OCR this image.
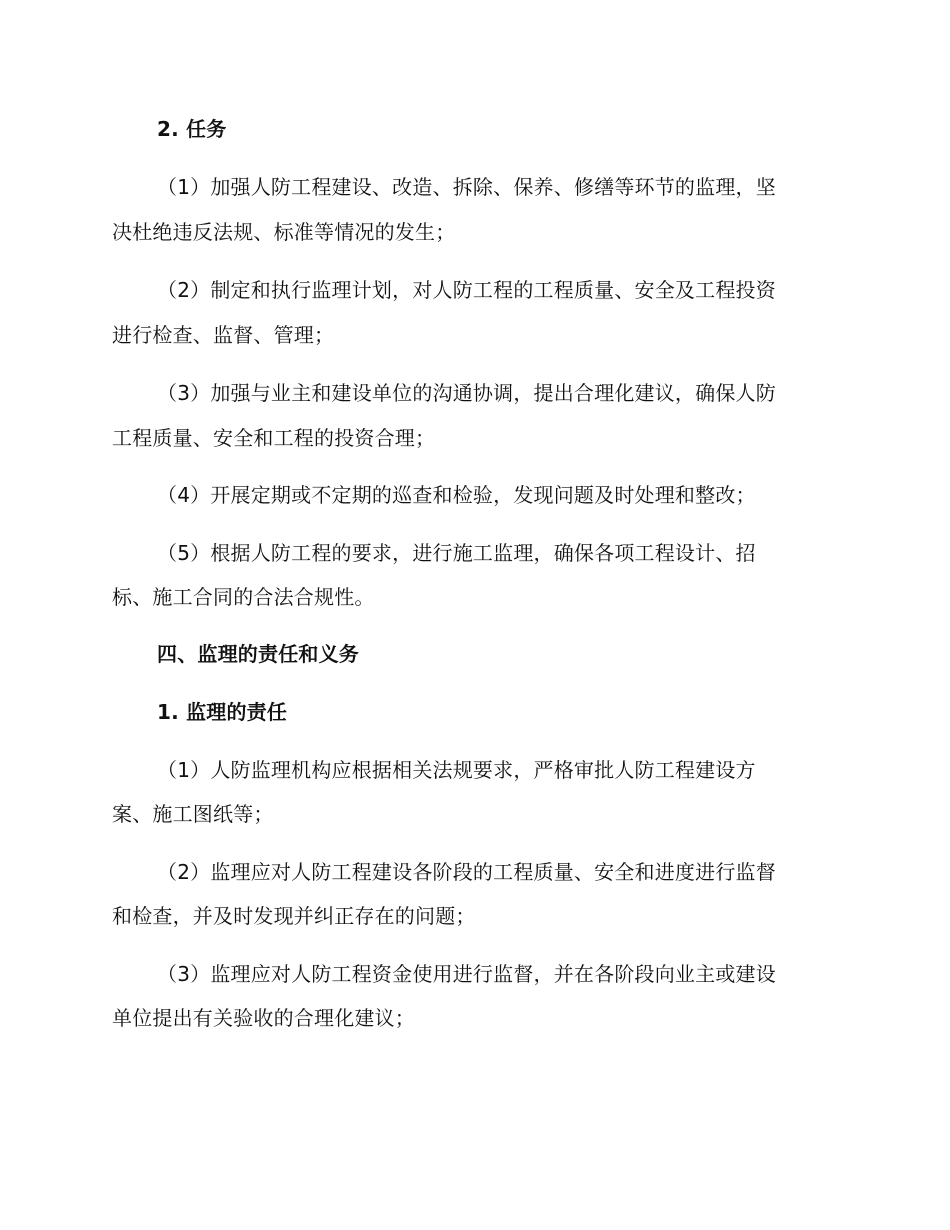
2. 任务
（1）加强人防工程建设、改造、拆除、保养、修缮等环节的监理，坚
决杜绝违反法规、标准等情况的发生；
（2）制定和执行监理计划，对人防工程的工程质量、安全及工程投资
进行检查、监督、管理；
（3）加强与业主和建设单位的沟通协调，提出合理化建议，确保人防
工程质量、安全和工程的投资合理；
（4）开展定期或不定期的巡查和检验，发现问题及时处理和整改；
（5）根据人防工程的要求，进行施工监理，确保各项工程设计、招
标、施工合同的合法合规性。
四、监理的责任和义务
1. 监理的责任
（1）人防监理机构应根据相关法规要求，严格审批人防工程建设方
案、施工图纸等；
（2）监理应对人防工程建设各阶段的工程质量、安全和进度进行监督
和检查，并及时发现并纠正存在的问题；
（3）监理应对人防工程资金使用进行监督，并在各阶段向业主或建设
单位提出有关验收的合理化建议；
